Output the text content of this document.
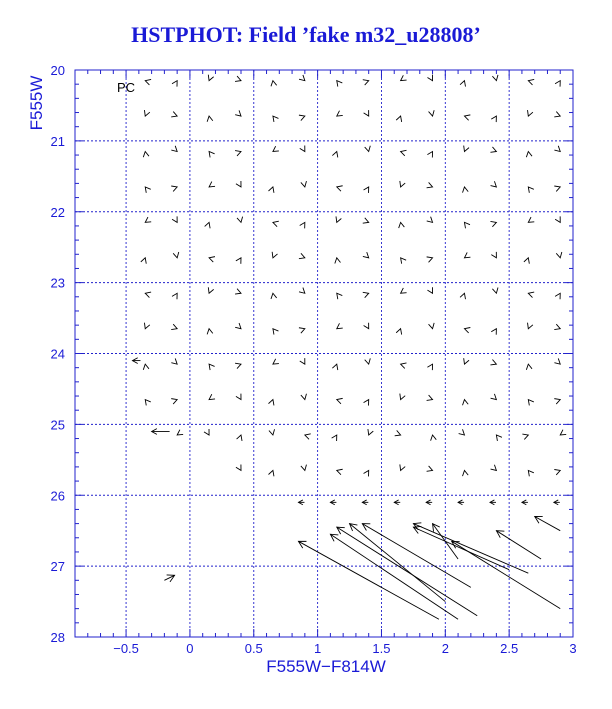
HSTPHOT: Field ’fake m32_u28808’
−0.5	0	0.5	1	1.5	2	2.5	3
20
21
22
23
24
25
26
27
28
F555W−F814W
F555W	PC
